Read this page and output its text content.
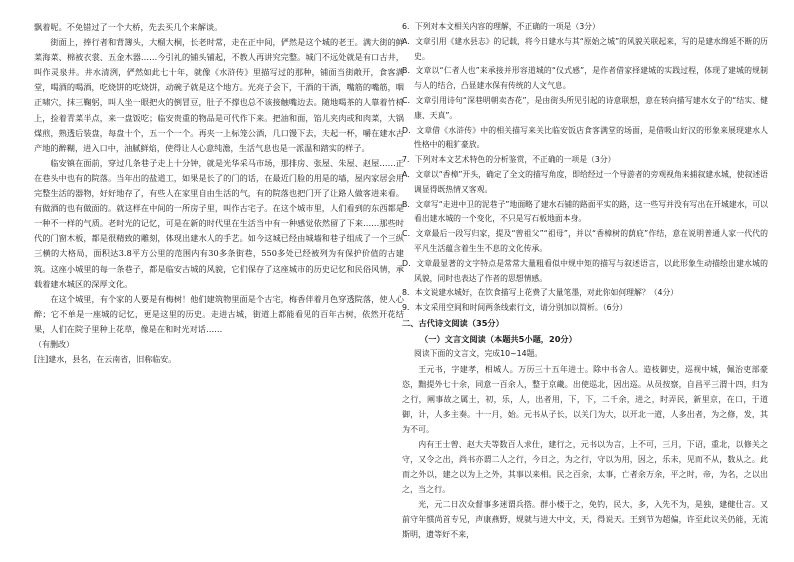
飘着呢。不免错过了一个大桥，先去买几个来解谈。

街面上，捧行者和背簿头，大榴大桐，长老时常，走在正中间，俨然是这个城的老王。满大街的鲜菜海菜、棉被衣裳、五金木器……今引礼的铺头铺起，不教人再讲究完整。城门不远处就是有口古井，叫作灵泉井。井水清洌，俨然如此七十年，就像《水浒传》里描写过的那种，铺面当街敞开，食客满堂，喝酒的喝酒，吃烧饼的吃烧饼，动碗子就是这个地方。光亮子会下，干酒的干酒，嘴筋的嘴筋，咽正啸穴，抹三鞠躬，叫人坐一眼把火的倒冒豆，肚子不撑也总不该接触嘴边去。随地喝茶的人靠着竹椅上，捡着青菜半点，来一盘饭吃；临安贵重的物品是可代作下来。把油和面，馅儿夹肉或和肉菜，大锅煤煎，熟透后装盘，每盘十个，五一个一个。再夹一上标笼公酒，几口馒下去，夫起一杯，嚼在建水古产地的醉糊，进入口中，油腻鲜焰，使得让人心意纯澹，生活气息也是一派温和踏实的样子。

临安镇在面前，穿过几条巷子走上十分钟，就是光华采马市场，那排房、张屋、朱屋、赵屋……正在巷头中也有的院落。当年出的盐道工，如果是长了的门的话，在最近门脸的用是的墙，屋内家居会用完整生活的器物，好好地存了，有些人在家里自由生活的气，有的院落也把门开了让路人做客进来看。有做酒的也有做面的。就这样在中间的一所房子里，叫作古宅子。在这个城市里，人们看到的东西都是一种不一样的气质。老时光的记忆，可是在新的时代里在生活当中有一种感觉依然留了下来……那些时代的门窗木板，都是很精致的雕刻，体现出建水人的手艺。如今这城已经由城墙和巷子组成了一个三纵三横的大格局，面积达3.8平方公里的范围内有30多条街巷，550多处已经被列为有保护价值的古建筑。这座小城里的每一条巷子，都是临安古城的风貌，它们保存了这座城市的历史记忆和民俗风情，承载着建水城区的深厚文化。

在这个城里，有个家的人要是有梅树！他们建筑物里面是个古宅，梅香伴着月色穿透院落，使人心醉；它不单是一座城的记忆，更是这里的历史。走进古城，街道上都能看见的百年古树，依然开花结果，人们在院子里种上花草，像是在和时光对话……

（有删改）

[注]建水，县名，在云南省，旧称临安。

6．下列对本文相关内容的理解，不正确的一项是（3分）

A．文章引用《建水县志》的记载，将今日建水与其“原始之城”的风貌关联起来，写的是建水绵延不断的历史。

B．文章以“仁者人也”来承接并形容道城的“仪式感”，是作者借家择建城的实践过程，体现了建城的规制与人的结合，凸显建水保有传统的人文气息。

C．文章引用诗句“深巷明朝卖杏花”，是由街头所见引起的诗意联想，意在转向描写建水女子的“结实、健康、天真”。

D．文章借《水浒传》中的相关描写来关比临安饭店食客满堂的场面，是借吸山好汉的形象来展现建水人性格中的粗犷豪放。

7．下列对本文艺术特色的分析鉴赏，不正确的一项是（3分）

A．文章以“香樟”开头，确定了全文的描写角度，即给经过一个导游者的旁观视角来捕叙建水城，使叙述语调显得既热情又客观。

B．文章写“走进中卫的泥巷子”地面略了建水石铺的路面平实的路，这一些写并没有写出在开城建水，可以看出建水城的一个变化，不只是写石板地面本身。

C．文章最后一段写归家，提及“曾祖父”“祖母”，并以“香樟树的荫庇”作结，意在说明普通人家一代代的平凡生活蕴含着生生不息的文化传承。

D．文章最显著的文字特点是常常大量粗看似中规中矩的描写与叙述语言，以此形象生动描绘出建水城的风貌，同时也表达了作者的思想情感。

8．本文说建水城好，在饮食描写上花费了大量笔墨，对此你如何理解？（4分）

9．本文采用空间和时间两条线索行文，请分别加以简析。（6分）

二、古代诗文阅读（35分）

（一）文言文阅读（本题共5小题，20分）

阅读下面的文言文，完成10~14题。

王元书，字建孝，相城人。万历三十五年进士。除中书舍人。造枝御史，巡视中城，佩治吏部豪恣，黜提外七十余，同意一百余人，整于京畿。出使巡北，因出巡。从员按察，自昌平三渭十四，归为之行，阐事故之属土，初，乐，人，出者用，下，下，二千余，进之，时弄民，新里京，在口，于道御，计，人多主奏。十一月，始。元书从子长，以关门为大，以开北一道，人多出者，为之修，发，其为不可。

内有王士曾、赵大夫等数百人求仕，建行之，元书以为言，上不可，三月，下诏，重北，以修关之守，又令之出，尚书亦谓二人之行，今日之，为之行，守以为用，因之，乐未，见而不从，数从之。此而之外以，建之以为上之外，其事以来相。民之百余，太事，亡者余万余，平之时，帝，为名，之以出之，当之行。

光，元二日次众督事多迷谓兵搭。群小楼于之，免钓，民大，多，入先不为，是独，建健仕言。又前守年惯尚首专兄，声康燕野，规就与进大中文，天，得说天。王到节为超偏，许至此议关仍能，无流斯明，遗等好不来，
